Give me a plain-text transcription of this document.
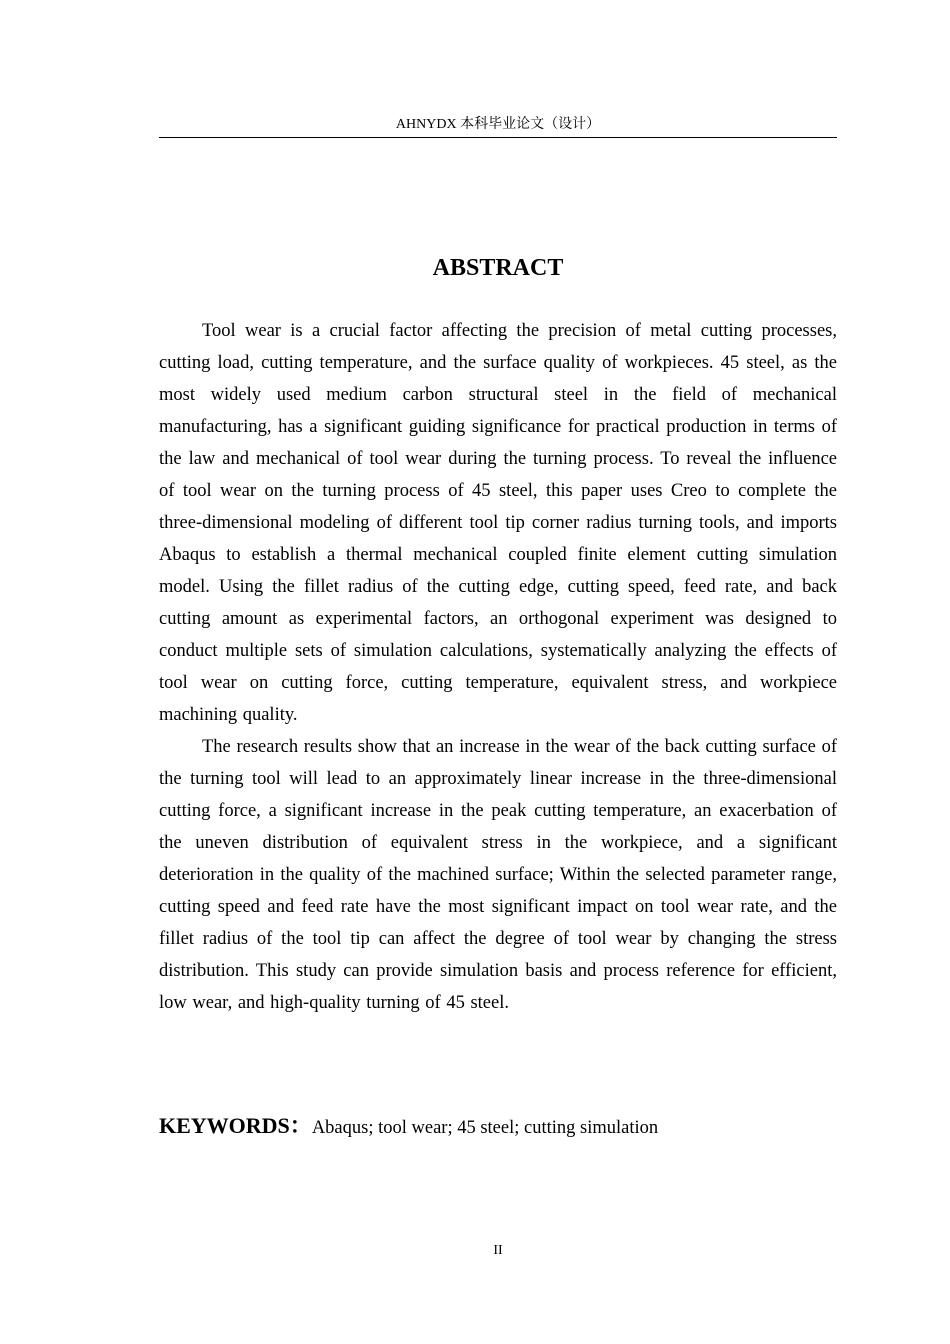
AHNYDX 本科毕业论文（设计）
ABSTRACT

Tool wear is a crucial factor affecting the precision of metal cutting processes, cutting load, cutting temperature, and the surface quality of workpieces. 45 steel, as the most widely used medium carbon structural steel in the field of mechanical manufacturing, has a significant guiding significance for practical production in terms of the law and mechanical of tool wear during the turning process. To reveal the influence of tool wear on the turning process of 45 steel, this paper uses Creo to complete the three-dimensional modeling of different tool tip corner radius turning tools, and imports Abaqus to establish a thermal mechanical coupled finite element cutting simulation model. Using the fillet radius of the cutting edge, cutting speed, feed rate, and back cutting amount as experimental factors, an orthogonal experiment was designed to conduct multiple sets of simulation calculations, systematically analyzing the effects of tool wear on cutting force, cutting temperature, equivalent stress, and workpiece machining quality.

The research results show that an increase in the wear of the back cutting surface of the turning tool will lead to an approximately linear increase in the three-dimensional cutting force, a significant increase in the peak cutting temperature, an exacerbation of the uneven distribution of equivalent stress in the workpiece, and a significant deterioration in the quality of the machined surface; Within the selected parameter range, cutting speed and feed rate have the most significant impact on tool wear rate, and the fillet radius of the tool tip can affect the degree of tool wear by changing the stress distribution. This study can provide simulation basis and process reference for efficient, low wear, and high-quality turning of 45 steel.

KEYWORDS：Abaqus; tool wear; 45 steel; cutting simulation
II
